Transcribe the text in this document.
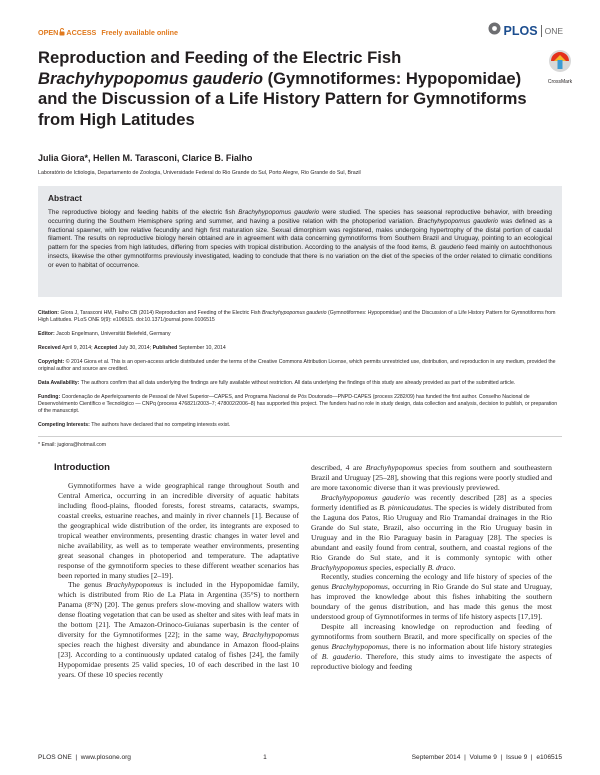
OPEN ACCESS Freely available online	PLOS ONE
CrossMark
Reproduction and Feeding of the Electric Fish Brachyhypopomus gauderio (Gymnotiformes: Hypopomidae) and the Discussion of a Life History Pattern for Gymnotiforms from High Latitudes
Julia Giora*, Hellen M. Tarasconi, Clarice B. Fialho
Laboratório de Ictiologia, Departamento de Zoologia, Universidade Federal do Rio Grande do Sul, Porto Alegre, Rio Grande do Sul, Brazil
Abstract

The reproductive biology and feeding habits of the electric fish Brachyhypopomus gauderio were studied. The species has seasonal reproductive behavior, with breeding occurring during the Southern Hemisphere spring and summer, and having a positive relation with the photoperiod variation. Brachyhypopomus gauderio was defined as a fractional spawner, with low relative fecundity and high first maturation size. Sexual dimorphism was registered, males undergoing hypertrophy of the distal portion of caudal filament. The results on reproductive biology herein obtained are in agreement with data concerning gymnotiforms from Southern Brazil and Uruguay, pointing to an ecological pattern for the species from high latitudes, differing from species with tropical distribution. According to the analysis of the food items, B. gauderio feed mainly on autochthonous insects, likewise the other gymnotiforms previously investigated, leading to conclude that there is no variation on the diet of the species of the order related to climatic conditions or even to habitat of occurrence.

Citation: Giora J, Tarasconi HM, Fialho CB (2014) Reproduction and Feeding of the Electric Fish Brachyhypopomus gauderio (Gymnotiformes: Hypopomidae) and the Discussion of a Life History Pattern for Gymnotiforms from High Latitudes. PLoS ONE 9(9): e106515. doi:10.1371/journal.pone.0106515

Editor: Jacob Engelmann, Universität Bielefeld, Germany

Received April 9, 2014; Accepted July 30, 2014; Published September 10, 2014

Copyright: © 2014 Giora et al. This is an open-access article distributed under the terms of the Creative Commons Attribution License, which permits unrestricted use, distribution, and reproduction in any medium, provided the original author and source are credited.

Data Availability: The authors confirm that all data underlying the findings are fully available without restriction. All data underlying the findings of this study are already provided as part of the submitted article.

Funding: Coordenação de Aperfeiçoamento de Pessoal de Nível Superior—CAPES, and Programa Nacional de Pós Doutorado—PNPD-CAPES (process 2282/09) has funded the first author. Conselho Nacional de Desenvolvimento Científico e Tecnológico — CNPq (process 476821/2003–7; 478002/2006–8) has supported this project. The funders had no role in study design, data collection and analysis, decision to publish, or preparation of the manuscript.

Competing Interests: The authors have declared that no competing interests exist.

* Email: jugiora@hotmail.com

Introduction

Gymnotiformes have a wide geographical range throughout South and Central America, occurring in an incredible diversity of aquatic habitats including flood-plains, flooded forests, forest streams, cataracts, swamps, coastal creeks, estuarine reaches, and mainly in river channels [1]. Because of the geographical wide distribution of the order, its integrants are exposed to tropical weather environments, presenting drastic changes in water level and niche availability, as well as to temperate weather environments, presenting great seasonal changes in photoperiod and temperature. The adaptative response of the gymnotiform species to these different weather scenarios has been reported in many studies [2–19].

The genus Brachyhypopomus is included in the Hypopomidae family, which is distributed from Rio de La Plata in Argentina (35°S) to northern Panama (8°N) [20]. The genus prefers slow-moving and shallow waters with dense floating vegetation that can be used as shelter and sites with leaf mats in the bottom [21]. The Amazon-Orinoco-Guianas superbasin is the center of diversity for the Gymnotiformes [22]; in the same way, Brachyhypopomus species reach the highest diversity and abundance in Amazon flood-plains [23]. According to a continuously updated catalog of fishes [24], the family Hypopomidae presents 25 valid species, 10 of each described in the last 10 years. Of these 10 species recently

described, 4 are Brachyhypopomus species from southern and southeastern Brazil and Uruguay [25–28], showing that this regions were poorly studied and are more taxonomic diverse than it was previously previewed.

Brachyhypopomus gauderio was recently described [28] as a species formerly identified as B. pinnicaudatus. The species is widely distributed from the Laguna dos Patos, Rio Uruguay and Rio Tramandaí drainages in the Rio Grande do Sul state, Brazil, also occurring in the Rio Uruguay basin in Uruguay and in the Rio Paraguay basin in Paraguay [28]. The species is abundant and easily found from central, southern, and coastal regions of the Rio Grande do Sul state, and it is commonly syntopic with other Brachyhypopomus species, especially B. draco.

Recently, studies concerning the ecology and life history of species of the genus Brachyhypopomus, occurring in Rio Grande do Sul state and Uruguay, has improved the knowledge about this fishes inhabiting the southern boundary of the genus distribution, and has made this genus the most understood group of Gymnotiformes in terms of life history aspects [17,19].

Despite all increasing knowledge on reproduction and feeding of gymnotiforms from southern Brazil, and more specifically on species of the genus Brachyhypopomus, there is no information about life history strategies of B. gauderio. Therefore, this study aims to investigate the aspects of reproductive biology and feeding

PLOS ONE  |  www.plosone.org	1	September 2014  |  Volume 9  |  Issue 9  |  e106515
